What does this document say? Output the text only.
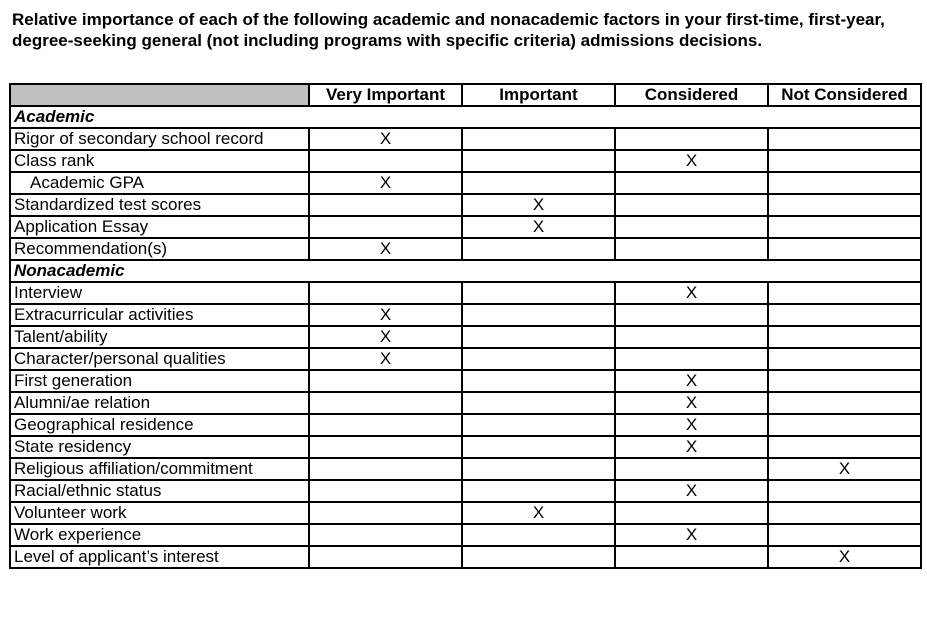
Relative importance of each of the following academic and nonacademic factors in your first-time, first-year, degree-seeking general (not including programs with specific criteria) admissions decisions.
	Very Important	Important	Considered	Not Considered
Academic				
Rigor of secondary school record	X			
Class rank			X	
Academic GPA	X			
Standardized test scores		X		
Application Essay		X		
Recommendation(s)	X			
Nonacademic				
Interview			X	
Extracurricular activities	X			
Talent/ability	X			
Character/personal qualities	X			
First generation			X	
Alumni/ae relation			X	
Geographical residence			X	
State residency			X	
Religious affiliation/commitment				X
Racial/ethnic status			X	
Volunteer work		X		
Work experience			X	
Level of applicant’s interest				X
